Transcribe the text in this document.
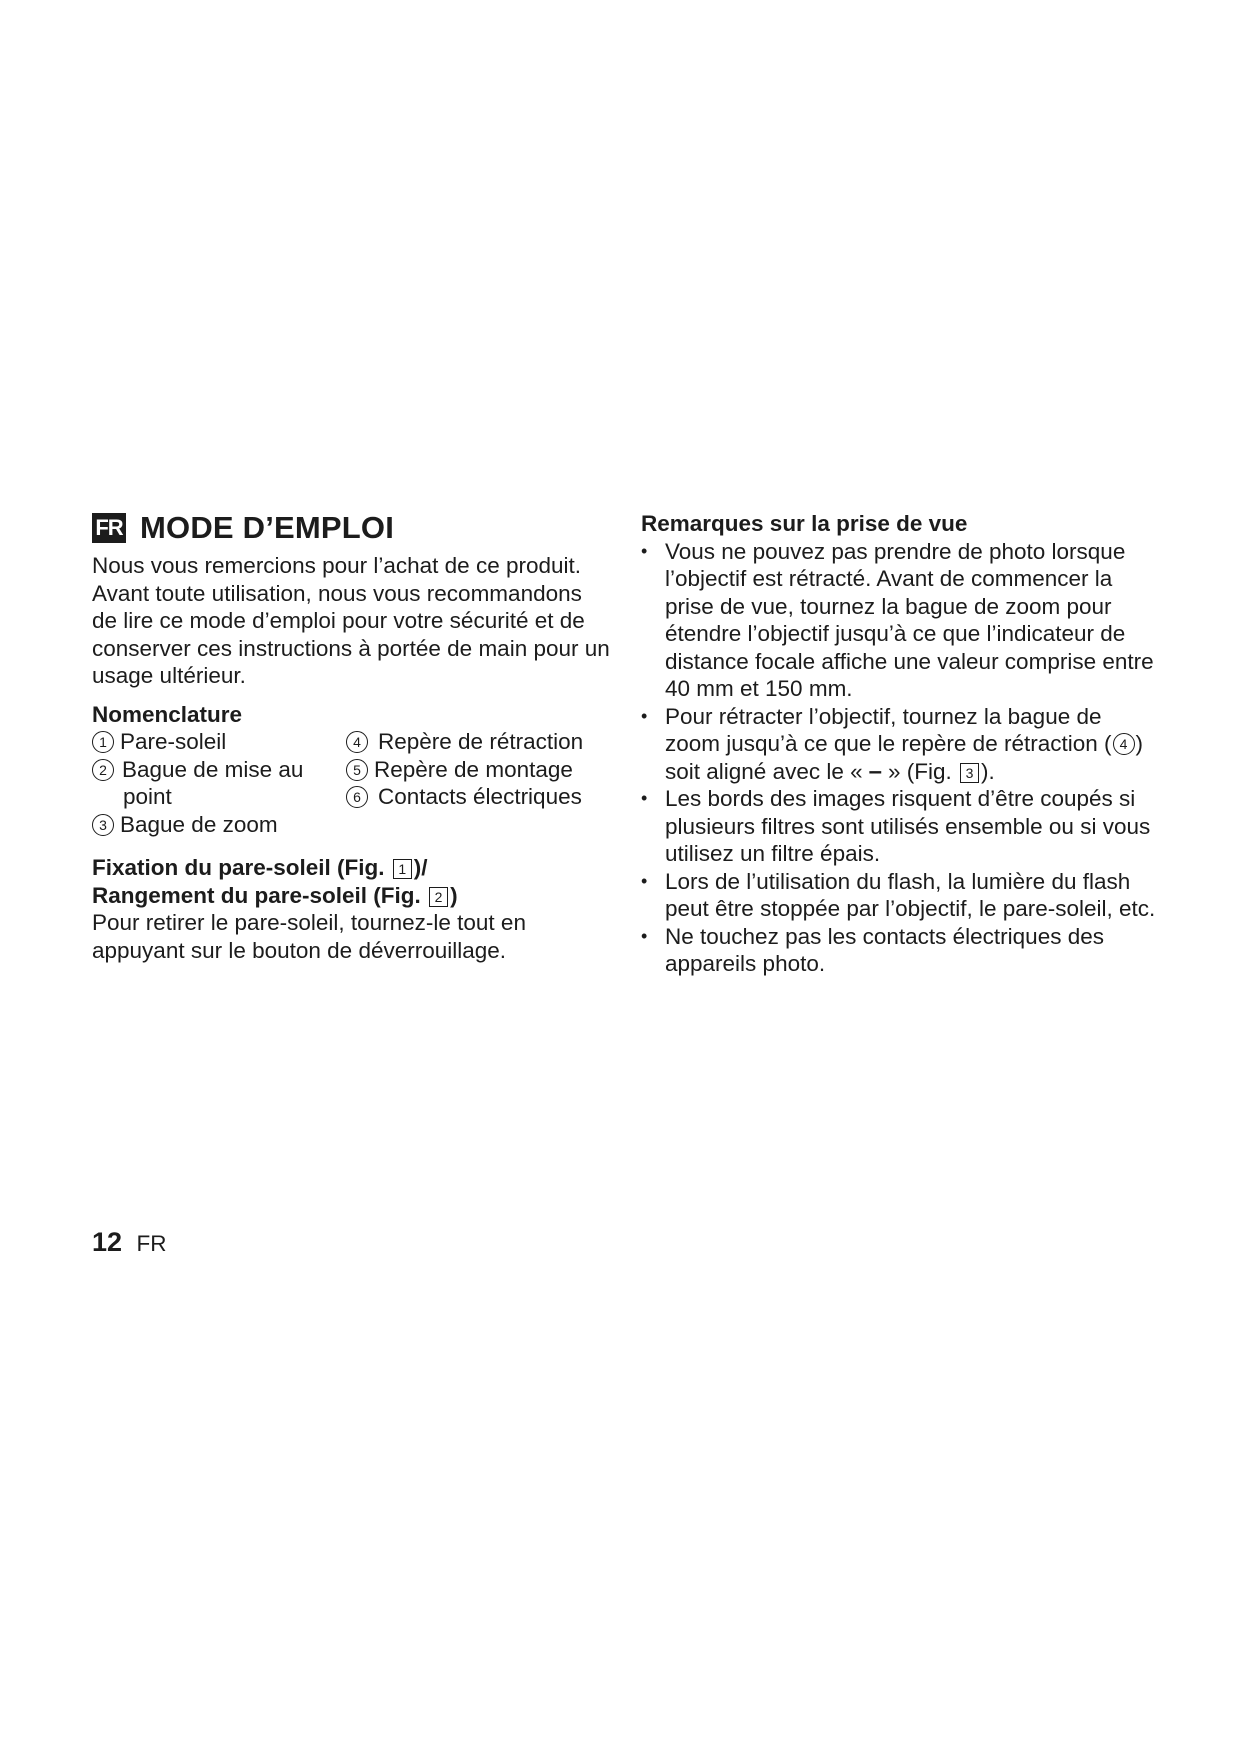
FR MODE D’EMPLOI
Nous vous remercions pour l’achat de ce produit. Avant toute utilisation, nous vous recommandons de lire ce mode d’emploi pour votre sécurité et de conserver ces instructions à portée de main pour un usage ultérieur.
Nomenclature
1 Pare-soleil
2 Bague de mise au
point
3 Bague de zoom
4 Repère de rétraction
5 Repère de montage
6 Contacts électriques
Fixation du pare-soleil (Fig. 1 )/
Rangement du pare-soleil (Fig. 2 )
Pour retirer le pare-soleil, tournez-le tout en appuyant sur le bouton de déverrouillage.
Remarques sur la prise de vue
• Vous ne pouvez pas prendre de photo lorsque l’objectif est rétracté. Avant de commencer la prise de vue, tournez la bague de zoom pour étendre l’objectif jusqu’à ce que l’indicateur de distance focale affiche une valeur comprise entre 40 mm et 150 mm.
• Pour rétracter l’objectif, tournez la bague de zoom jusqu’à ce que le repère de rétraction ( 4 ) soit aligné avec le « – » (Fig. 3 ).
• Les bords des images risquent d’être coupés si plusieurs filtres sont utilisés ensemble ou si vous utilisez un filtre épais.
• Lors de l’utilisation du flash, la lumière du flash peut être stoppée par l’objectif, le pare-soleil, etc.
• Ne touchez pas les contacts électriques des appareils photo.
12 FR
